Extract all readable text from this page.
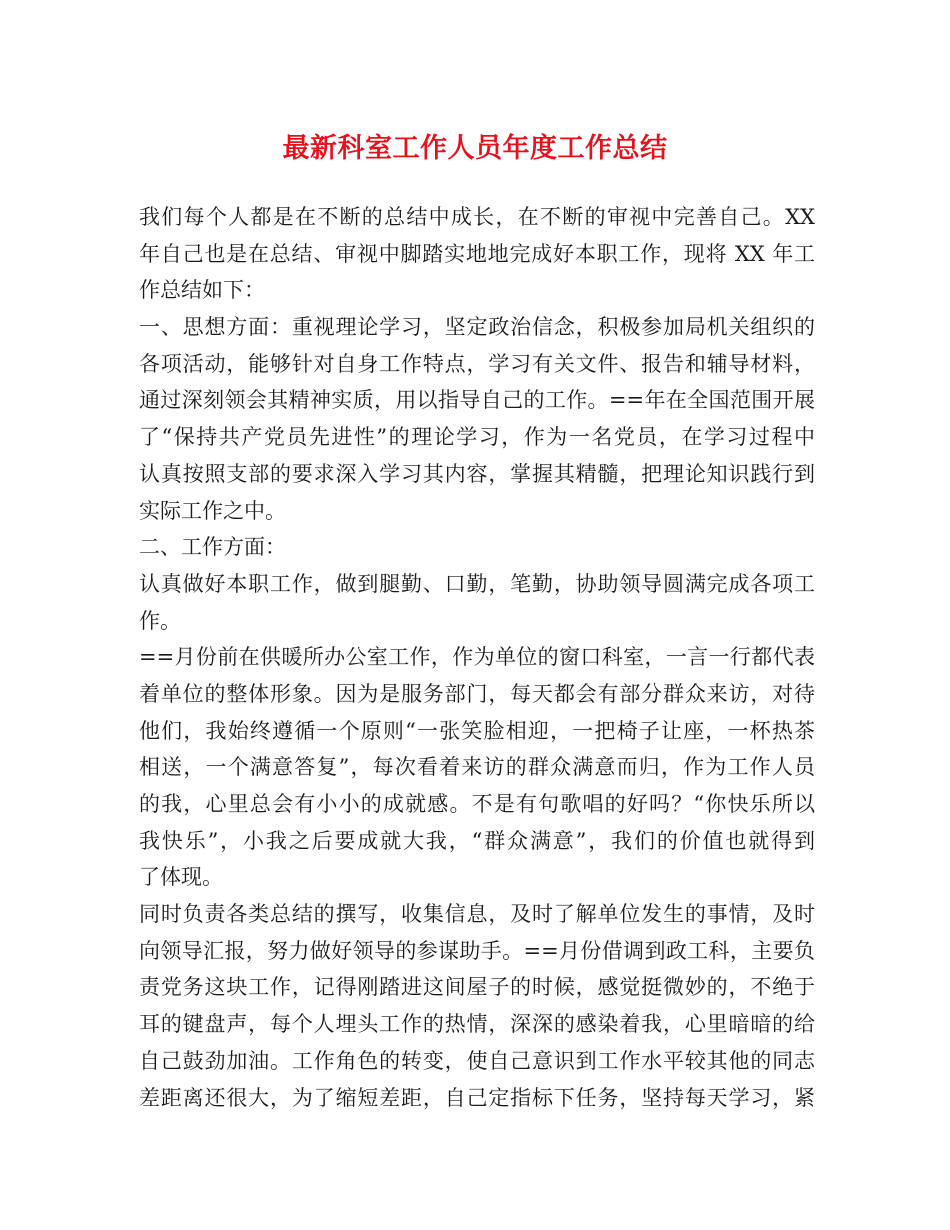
最新科室工作人员年度工作总结
我们每个人都是在不断的总结中成长，在不断的审视中完善自己。XX
年自己也是在总结、审视中脚踏实地地完成好本职工作，现将 XX 年工
作总结如下：
一、思想方面：重视理论学习，坚定政治信念，积极参加局机关组织的
各项活动，能够针对自身工作特点，学习有关文件、报告和辅导材料，
通过深刻领会其精神实质，用以指导自己的工作。==年在全国范围开展
了“保持共产党员先进性”的理论学习，作为一名党员，在学习过程中
认真按照支部的要求深入学习其内容，掌握其精髓，把理论知识践行到
实际工作之中。
二、工作方面：
认真做好本职工作，做到腿勤、口勤，笔勤，协助领导圆满完成各项工
作。
==月份前在供暖所办公室工作，作为单位的窗口科室，一言一行都代表
着单位的整体形象。因为是服务部门，每天都会有部分群众来访，对待
他们，我始终遵循一个原则“一张笑脸相迎，一把椅子让座，一杯热茶
相送，一个满意答复”，每次看着来访的群众满意而归，作为工作人员
的我，心里总会有小小的成就感。不是有句歌唱的好吗？“你快乐所以
我快乐”，小我之后要成就大我，“群众满意”，我们的价值也就得到
了体现。
同时负责各类总结的撰写，收集信息，及时了解单位发生的事情，及时
向领导汇报，努力做好领导的参谋助手。==月份借调到政工科，主要负
责党务这块工作，记得刚踏进这间屋子的时候，感觉挺微妙的，不绝于
耳的键盘声，每个人埋头工作的热情，深深的感染着我，心里暗暗的给
自己鼓劲加油。工作角色的转变，使自己意识到工作水平较其他的同志
差距离还很大，为了缩短差距，自己定指标下任务，坚持每天学习，紧
